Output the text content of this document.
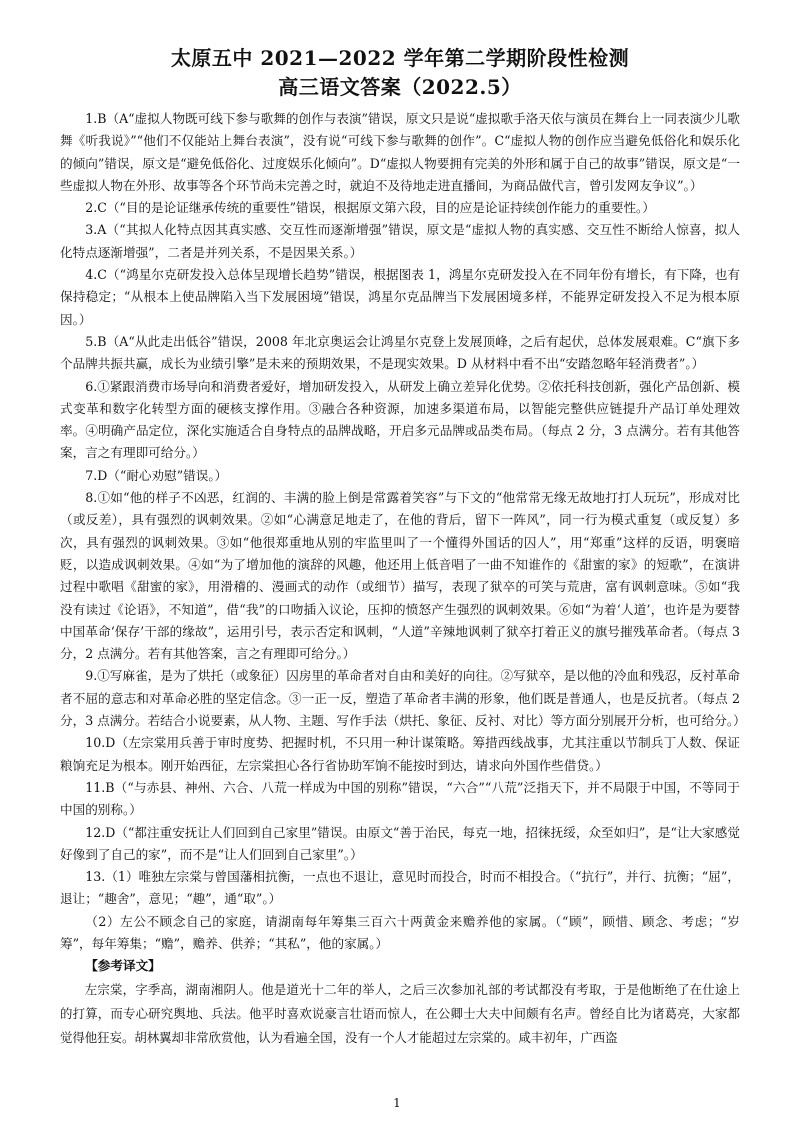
太原五中 2021—2022 学年第二学期阶段性检测
高三语文答案（2022.5）

1.B（A“虚拟人物既可线下参与歌舞的创作与表演”错误，原文只是说“虚拟歌手洛天依与演员在舞台上一同表演少儿歌舞《听我说》”“他们不仅能站上舞台表演”，没有说“可线下参与歌舞的创作”。C“虚拟人物的创作应当避免低俗化和娱乐化的倾向”错误，原文是“避免低俗化、过度娱乐化倾向”。D“虚拟人物要拥有完美的外形和属于自己的故事”错误，原文是“一些虚拟人物在外形、故事等各个环节尚未完善之时，就迫不及待地走进直播间，为商品做代言，曾引发网友争议”。）

2.C（“目的是论证继承传统的重要性”错误，根据原文第六段，目的应是论证持续创作能力的重要性。）

3.A（“其拟人化特点因其真实感、交互性而逐渐增强”错误，原文是“虚拟人物的真实感、交互性不断给人惊喜，拟人化特点逐渐增强”，二者是并列关系，不是因果关系。）

4.C（“鸿星尔克研发投入总体呈现增长趋势”错误，根据图表 1，鸿星尔克研发投入在不同年份有增长，有下降，也有保持稳定；“从根本上使品牌陷入当下发展困境”错误，鸿星尔克品牌当下发展困境多样，不能界定研发投入不足为根本原因。）

5.B（A“从此走出低谷”错误，2008 年北京奥运会让鸿星尔克登上发展顶峰，之后有起伏，总体发展艰难。C“旗下多个品牌共振共赢，成长为业绩引擎”是未来的预期效果，不是现实效果。D 从材料中看不出“安踏忽略年轻消费者”。）

6.①紧跟消费市场导向和消费者爱好，增加研发投入，从研发上确立差异化优势。②依托科技创新，强化产品创新、模式变革和数字化转型方面的硬核支撑作用。③融合各种资源，加速多渠道布局，以智能完整供应链提升产品订单处理效率。④明确产品定位，深化实施适合自身特点的品牌战略，开启多元品牌或品类布局。（每点 2 分，3 点满分。若有其他答案，言之有理即可给分。）

7.D（“耐心劝慰”错误。）

8.①如“他的样子不凶恶，红润的、丰满的脸上倒是常露着笑容”与下文的“他常常无缘无故地打打人玩玩”，形成对比（或反差），具有强烈的讽刺效果。②如“心满意足地走了，在他的背后，留下一阵风”，同一行为模式重复（或反复）多次，具有强烈的讽刺效果。③如“他很郑重地从别的牢监里叫了一个懂得外国话的囚人”，用“郑重”这样的反语，明褒暗贬，以造成讽刺效果。④如“为了增加他的演辞的风趣，他还用上低音唱了一曲不知谁作的《甜蜜的家》的短歌”，在演讲过程中歌唱《甜蜜的家》，用滑稽的、漫画式的动作（或细节）描写，表现了狱卒的可笑与荒唐，富有讽刺意味。⑤如“我没有读过《论语》，不知道”，借“我”的口吻插入议论，压抑的愤怒产生强烈的讽刺效果。⑥如“为着‘人道’，也许是为要替中国革命‘保存’干部的缘故”，运用引号，表示否定和讽刺，“人道”辛辣地讽刺了狱卒打着正义的旗号摧残革命者。（每点 3 分，2 点满分。若有其他答案，言之有理即可给分。）

9.①写麻雀，是为了烘托（或象征）囚房里的革命者对自由和美好的向往。②写狱卒，是以他的冷血和残忍，反衬革命者不屈的意志和对革命必胜的坚定信念。③一正一反，塑造了革命者丰满的形象，他们既是普通人，也是反抗者。（每点 2 分，3 点满分。若结合小说要素，从人物、主题、写作手法（烘托、象征、反衬、对比）等方面分别展开分析，也可给分。）

10.D（左宗棠用兵善于审时度势、把握时机，不只用一种计谋策略。筹措西线战事，尤其注重以节制兵丁人数、保证粮饷充足为根本。刚开始西征，左宗棠担心各行省协助军饷不能按时到达，请求向外国作些借贷。）

11.B（“与赤县、神州、六合、八荒一样成为中国的别称”错误，“六合”“八荒”泛指天下，并不局限于中国，不等同于中国的别称。）

12.D（“都注重安抚让人们回到自己家里”错误。由原文“善于治民，每克一地，招徕抚绥，众至如归”，是“让大家感觉好像到了自己的家”，而不是“让人们回到自己家里”。）

13.（1）唯独左宗棠与曾国藩相抗衡，一点也不退让，意见时而投合，时而不相投合。（“抗行”，并行、抗衡；“屈”，退让；“趣舍”，意见；“趣”，通“取”。）

（2）左公不顾念自己的家庭，请湖南每年筹集三百六十两黄金来赡养他的家属。（“顾”，顾惜、顾念、考虑；“岁筹”，每年筹集；“赡”，赡养、供养；“其私”，他的家属。）

【参考译文】

左宗棠，字季高，湖南湘阴人。他是道光十二年的举人，之后三次参加礼部的考试都没有考取，于是他断绝了在仕途上的打算，而专心研究舆地、兵法。他平时喜欢说豪言壮语而惊人，在公卿士大夫中间颇有名声。曾经自比为诸葛亮，大家都觉得他狂妄。胡林翼却非常欣赏他，认为看遍全国，没有一个人才能超过左宗棠的。咸丰初年，广西盗

1
